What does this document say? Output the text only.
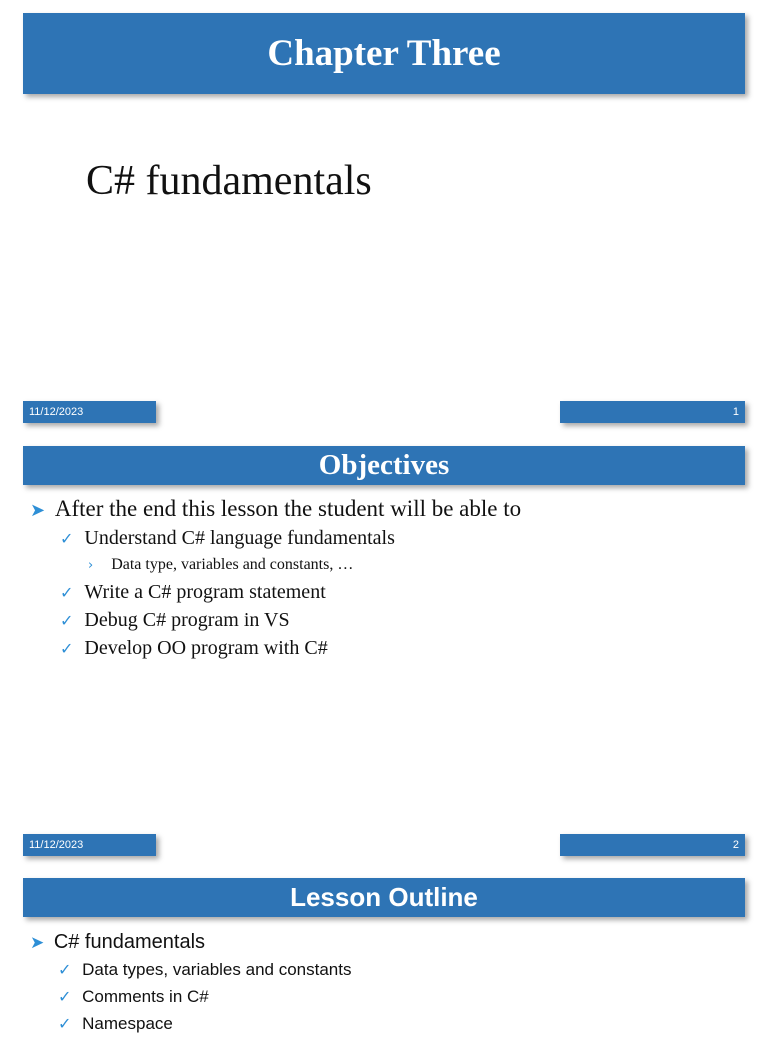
Chapter Three
C# fundamentals
11/12/2023	1
Objectives
➤ After the end this lesson the student will be able to
✓ Understand C# language fundamentals
› Data type, variables and constants, …
✓ Write a C# program statement
✓ Debug C# program in VS
✓ Develop OO program with C#
11/12/2023	2
Lesson Outline
➤ C# fundamentals
✓ Data types, variables and constants
✓ Comments in C#
✓ Namespace
